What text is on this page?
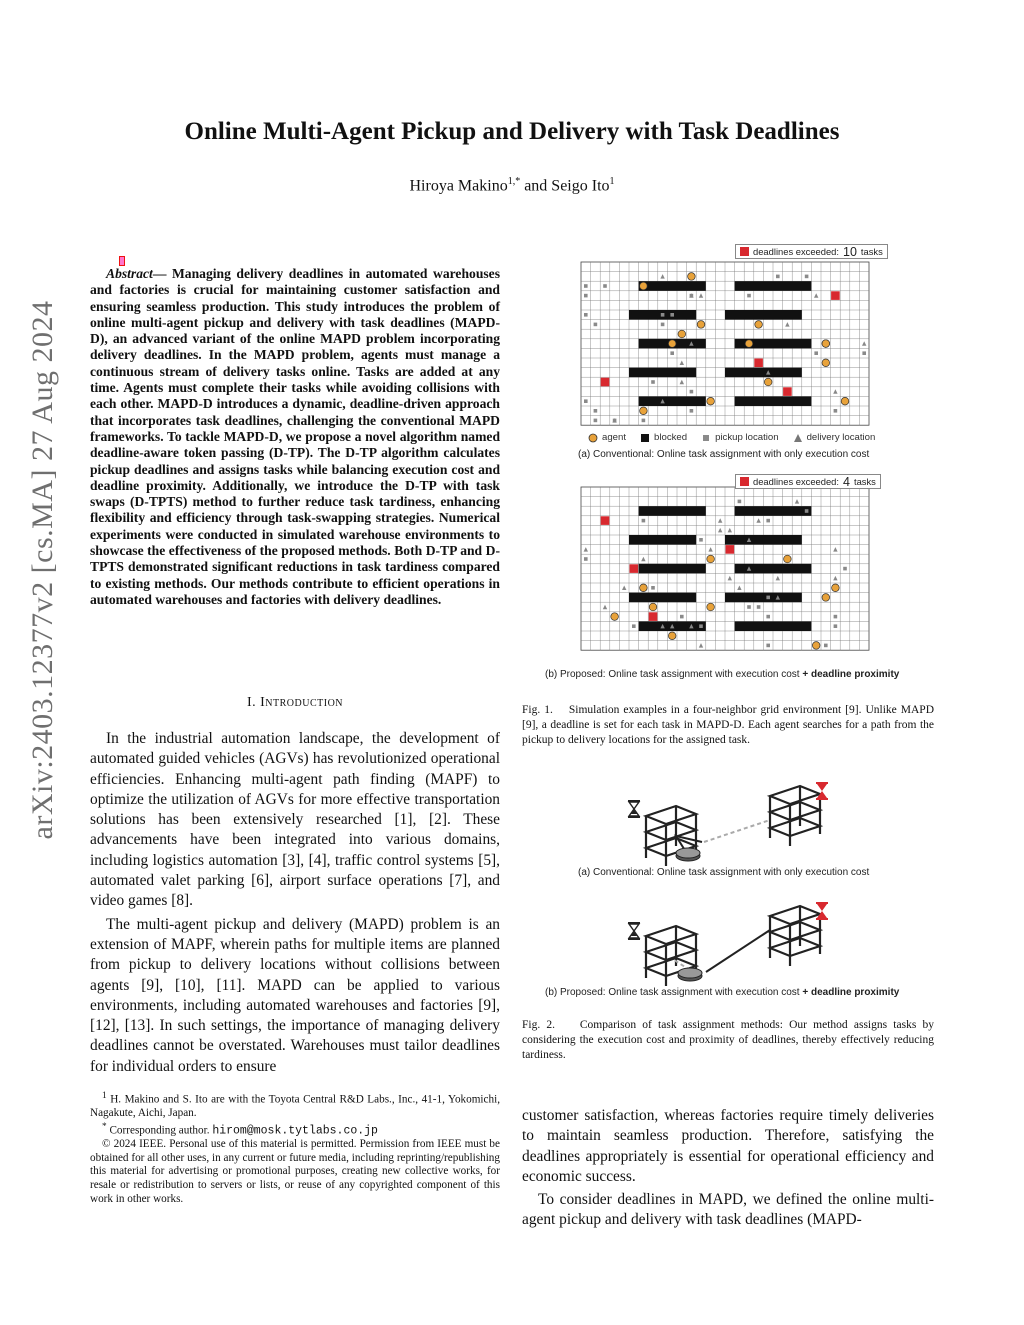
arXiv:2403.12377v2 [cs.MA] 27 Aug 2024
Online Multi-Agent Pickup and Delivery with Task Deadlines
Hiroya Makino$^{1,*}$ and Seigo Ito$^1$
Abstract— Managing delivery deadlines in automated warehouses and factories is crucial for maintaining customer satisfaction and ensuring seamless production. This study introduces the problem of online multi-agent pickup and delivery with task deadlines (MAPD-D), an advanced variant of the online MAPD problem incorporating delivery deadlines. In the MAPD problem, agents must manage a continuous stream of delivery tasks online. Tasks are added at any time. Agents must complete their tasks while avoiding collisions with each other. MAPD-D introduces a dynamic, deadline-driven approach that incorporates task deadlines, challenging the conventional MAPD frameworks. To tackle MAPD-D, we propose a novel algorithm named deadline-aware token passing (D-TP). The D-TP algorithm calculates pickup deadlines and assigns tasks while balancing execution cost and deadline proximity. Additionally, we introduce the D-TP with task swaps (D-TPTS) method to further reduce task tardiness, enhancing flexibility and efficiency through task-swapping strategies. Numerical experiments were conducted in simulated warehouse environments to showcase the effectiveness of the proposed methods. Both D-TP and D-TPTS demonstrated significant reductions in task tardiness compared to existing methods. Our methods contribute to efficient operations in automated warehouses and factories with delivery deadlines.
I. Introduction

In the industrial automation landscape, the development of automated guided vehicles (AGVs) has revolutionized operational efficiencies. Enhancing multi-agent path finding (MAPF) to optimize the utilization of AGVs for more effective transportation solutions has been extensively researched [1], [2]. These advancements have been integrated into various domains, including logistics automation [3], [4], traffic control systems [5], automated valet parking [6], airport surface operations [7], and video games [8].

The multi-agent pickup and delivery (MAPD) problem is an extension of MAPF, wherein paths for multiple items are planned from pickup to delivery locations without collisions between agents [9], [10], [11]. MAPD can be applied to various environments, including automated warehouses and factories [9], [12], [13]. In such settings, the importance of managing delivery deadlines cannot be overstated. Warehouses must tailor deadlines for individual orders to ensure

$^1$ H. Makino and S. Ito are with the Toyota Central R&D Labs., Inc., 41-1, Yokomichi, Nagakute, Aichi, Japan.

* Corresponding author. hirom@mosk.tytlabs.co.jp

© 2024 IEEE. Personal use of this material is permitted. Permission from IEEE must be obtained for all other uses, in any current or future media, including reprinting/republishing this material for advertising or promotional purposes, creating new collective works, for resale or redistribution to servers or lists, or reuse of any copyrighted component of this work in other works.

deadlines exceeded: 10 tasks
agent	blocked	pickup location	delivery location
(a) Conventional: Online task assignment with only execution cost
deadlines exceeded: 4 tasks
(b) Proposed: Online task assignment with execution cost + deadline proximity
Fig. 1. Simulation examples in a four-neighbor grid environment [9]. Unlike MAPD [9], a deadline is set for each task in MAPD-D. Each agent searches for a path from the pickup to delivery locations for the assigned task.
(a) Conventional: Online task assignment with only execution cost
(b) Proposed: Online task assignment with execution cost + deadline proximity
Fig. 2. Comparison of task assignment methods: Our method assigns tasks by considering the execution cost and proximity of deadlines, thereby effectively reducing tardiness.

customer satisfaction, whereas factories require timely deliveries to maintain seamless production. Therefore, satisfying the deadlines appropriately is essential for operational efficiency and economic success.

To consider deadlines in MAPD, we defined the online multi-agent pickup and delivery with task deadlines (MAPD-
